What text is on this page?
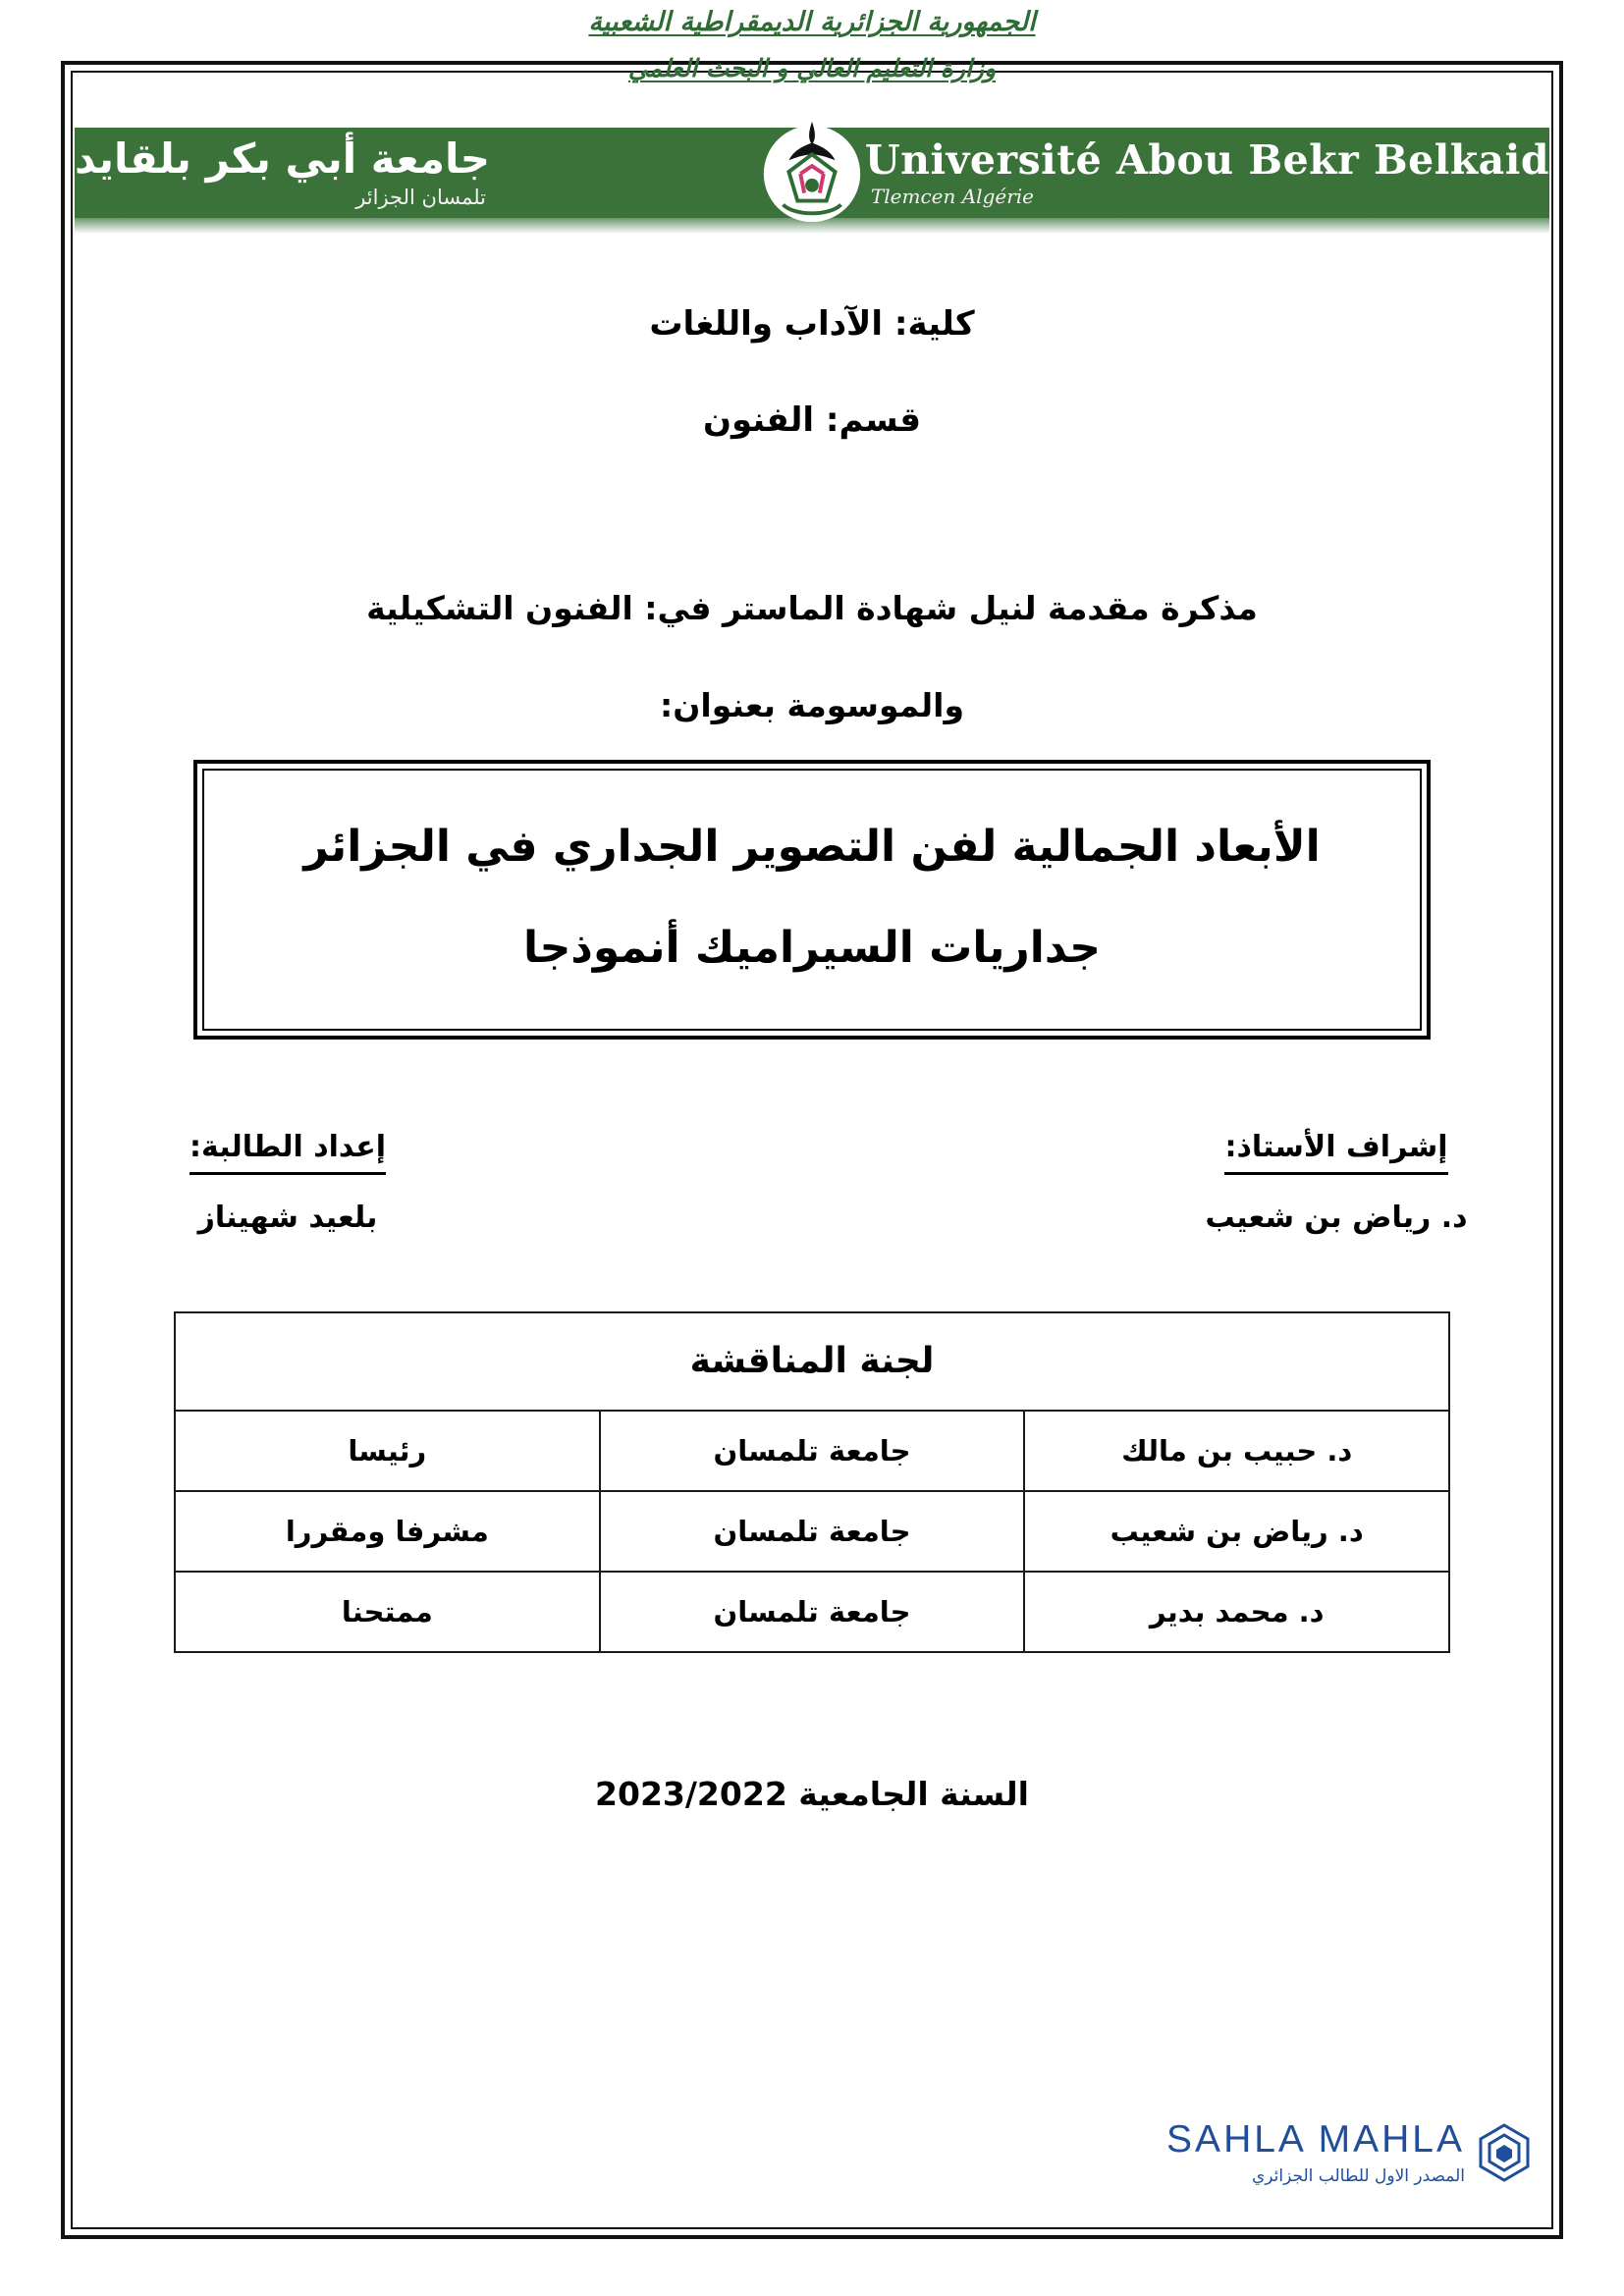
الجمهورية الجزائرية الديمقراطية الشعبية
وزارة التعليم العالي و البحث العلمي
Université Abou Bekr Belkaid
Tlemcen Algérie
جامعة أبي بكر بلقايد
تلمسان الجزائر
كلية: الآداب واللغات
قسم: الفنون
مذكرة مقدمة لنيل شهادة الماستر في: الفنون التشكيلية
والموسومة بعنوان:
الأبعاد الجمالية لفن التصوير الجداري في الجزائر
جداريات السيراميك أنموذجا
إشراف الأستاذ:
د. رياض بن شعيب
إعداد الطالبة:
بلعيد شهيناز
لجنة المناقشة		
د. حبيب بن مالك	جامعة تلمسان	رئيسا
د. رياض بن شعيب	جامعة تلمسان	مشرفا ومقررا
د. محمد بدير	جامعة تلمسان	ممتحنا
السنة الجامعية 2023/2022
SAHLA MAHLA
المصدر الاول للطالب الجزائري
